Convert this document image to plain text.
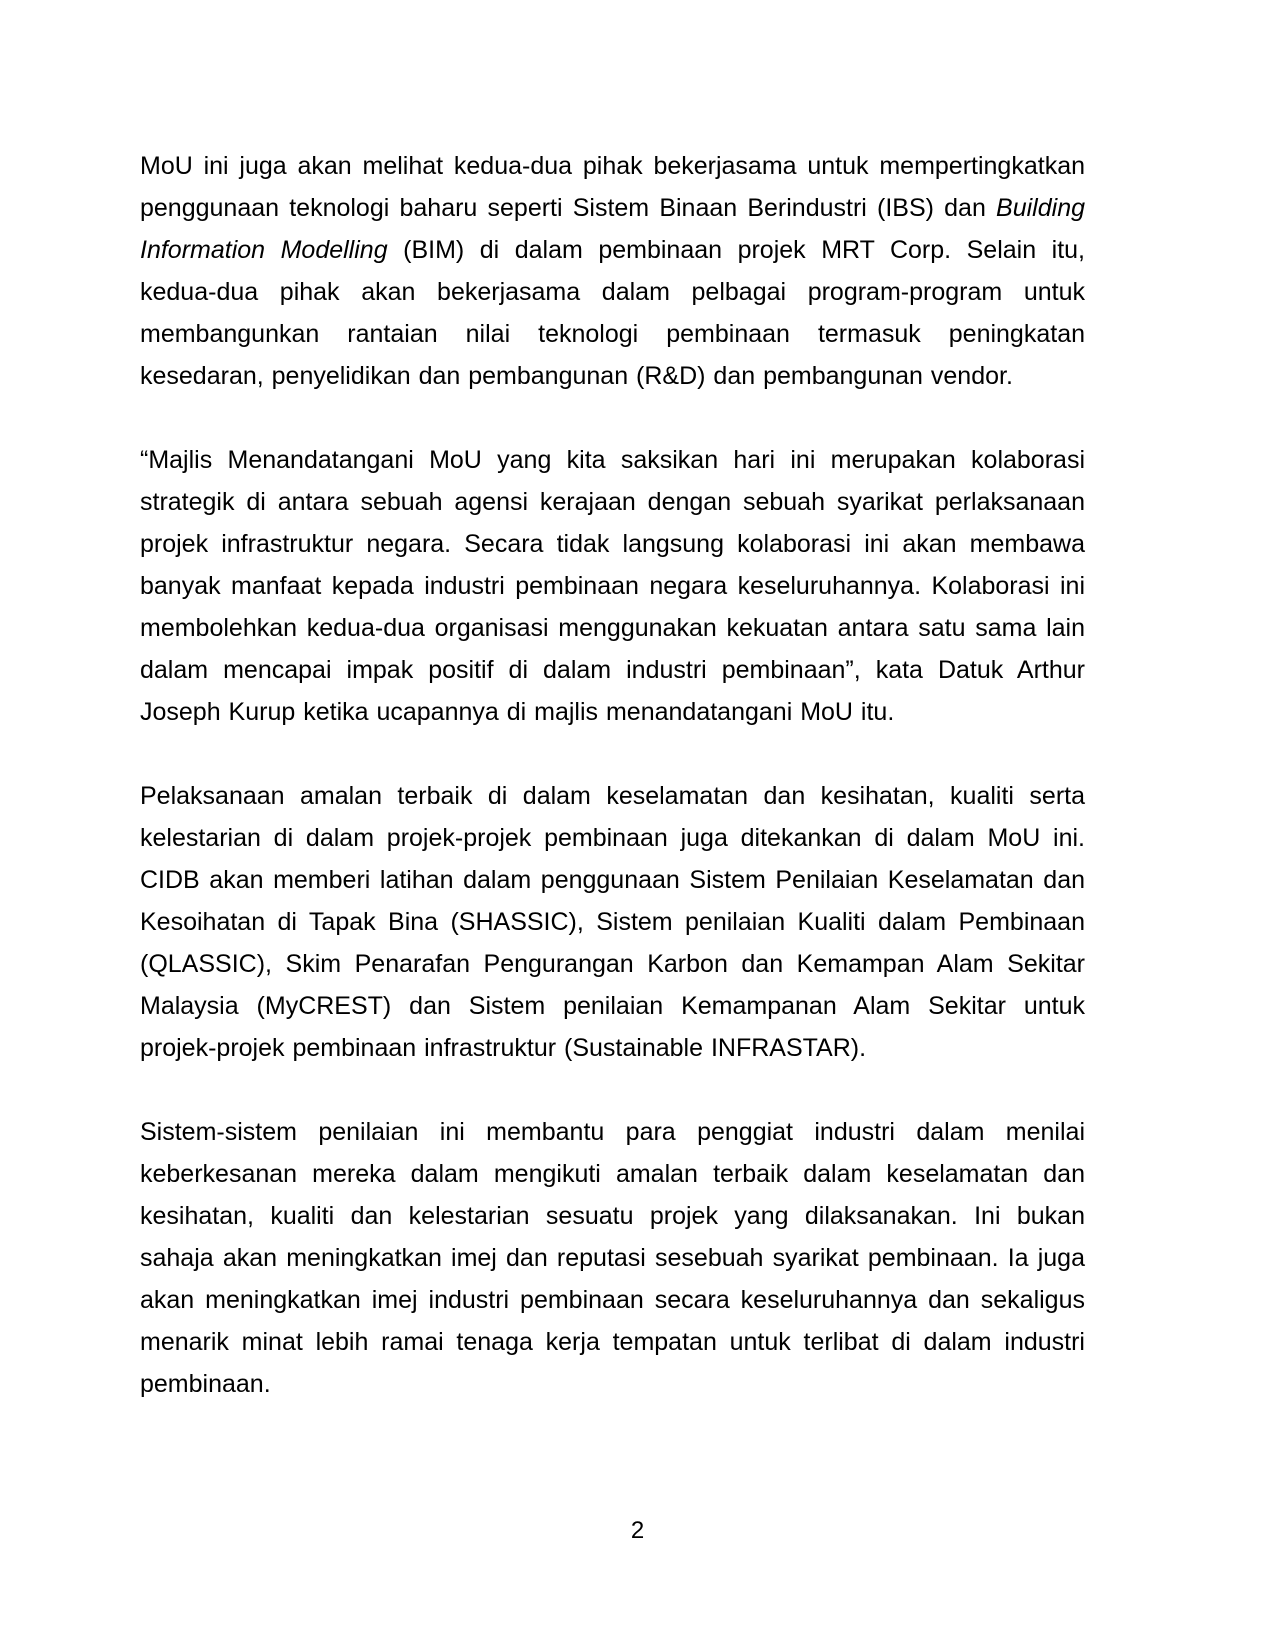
MoU ini juga akan melihat kedua-dua pihak bekerjasama untuk mempertingkatkan penggunaan teknologi baharu seperti Sistem Binaan Berindustri (IBS) dan Building Information Modelling (BIM) di dalam pembinaan projek MRT Corp. Selain itu, kedua-dua pihak akan bekerjasama dalam pelbagai program-program untuk membangunkan rantaian nilai teknologi pembinaan termasuk peningkatan kesedaran, penyelidikan dan pembangunan (R&D) dan pembangunan vendor.

“Majlis Menandatangani MoU yang kita saksikan hari ini merupakan kolaborasi strategik di antara sebuah agensi kerajaan dengan sebuah syarikat perlaksanaan projek infrastruktur negara. Secara tidak langsung kolaborasi ini akan membawa banyak manfaat kepada industri pembinaan negara keseluruhannya. Kolaborasi ini membolehkan kedua-dua organisasi menggunakan kekuatan antara satu sama lain dalam mencapai impak positif di dalam industri pembinaan”, kata Datuk Arthur Joseph Kurup ketika ucapannya di majlis menandatangani MoU itu.

Pelaksanaan amalan terbaik di dalam keselamatan dan kesihatan, kualiti serta kelestarian di dalam projek-projek pembinaan juga ditekankan di dalam MoU ini. CIDB akan memberi latihan dalam penggunaan Sistem Penilaian Keselamatan dan Kesoihatan di Tapak Bina (SHASSIC), Sistem penilaian Kualiti dalam Pembinaan (QLASSIC), Skim Penarafan Pengurangan Karbon dan Kemampan Alam Sekitar Malaysia (MyCREST) dan Sistem penilaian Kemampanan Alam Sekitar untuk projek-projek pembinaan infrastruktur (Sustainable INFRASTAR).

Sistem-sistem penilaian ini membantu para penggiat industri dalam menilai keberkesanan mereka dalam mengikuti amalan terbaik dalam keselamatan dan kesihatan, kualiti dan kelestarian sesuatu projek yang dilaksanakan. Ini bukan sahaja akan meningkatkan imej dan reputasi sesebuah syarikat pembinaan. Ia juga akan meningkatkan imej industri pembinaan secara keseluruhannya dan sekaligus menarik minat lebih ramai tenaga kerja tempatan untuk terlibat di dalam industri pembinaan.

2
